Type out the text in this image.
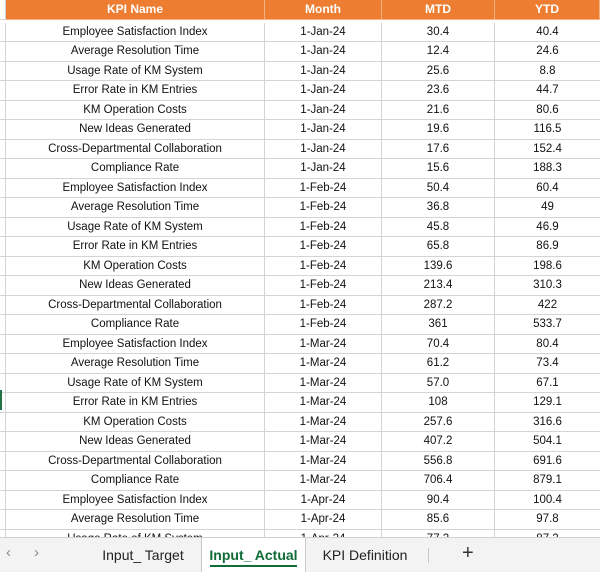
KPI Name	Month	MTD	YTD
Employee Satisfaction Index	1-Jan-24	30.4	40.4
Average Resolution Time	1-Jan-24	12.4	24.6
Usage Rate of KM System	1-Jan-24	25.6	8.8
Error Rate in KM Entries	1-Jan-24	23.6	44.7
KM Operation Costs	1-Jan-24	21.6	80.6
New Ideas Generated	1-Jan-24	19.6	116.5
Cross-Departmental Collaboration	1-Jan-24	17.6	152.4
Compliance Rate	1-Jan-24	15.6	188.3
Employee Satisfaction Index	1-Feb-24	50.4	60.4
Average Resolution Time	1-Feb-24	36.8	49
Usage Rate of KM System	1-Feb-24	45.8	46.9
Error Rate in KM Entries	1-Feb-24	65.8	86.9
KM Operation Costs	1-Feb-24	139.6	198.6
New Ideas Generated	1-Feb-24	213.4	310.3
Cross-Departmental Collaboration	1-Feb-24	287.2	422
Compliance Rate	1-Feb-24	361	533.7
Employee Satisfaction Index	1-Mar-24	70.4	80.4
Average Resolution Time	1-Mar-24	61.2	73.4
Usage Rate of KM System	1-Mar-24	57.0	67.1
Error Rate in KM Entries	1-Mar-24	108	129.1
KM Operation Costs	1-Mar-24	257.6	316.6
New Ideas Generated	1-Mar-24	407.2	504.1
Cross-Departmental Collaboration	1-Mar-24	556.8	691.6
Compliance Rate	1-Mar-24	706.4	879.1
Employee Satisfaction Index	1-Apr-24	90.4	100.4
Average Resolution Time	1-Apr-24	85.6	97.8
‹ ›	Input_ Target	Input_ Actual	KPI Definition	+
